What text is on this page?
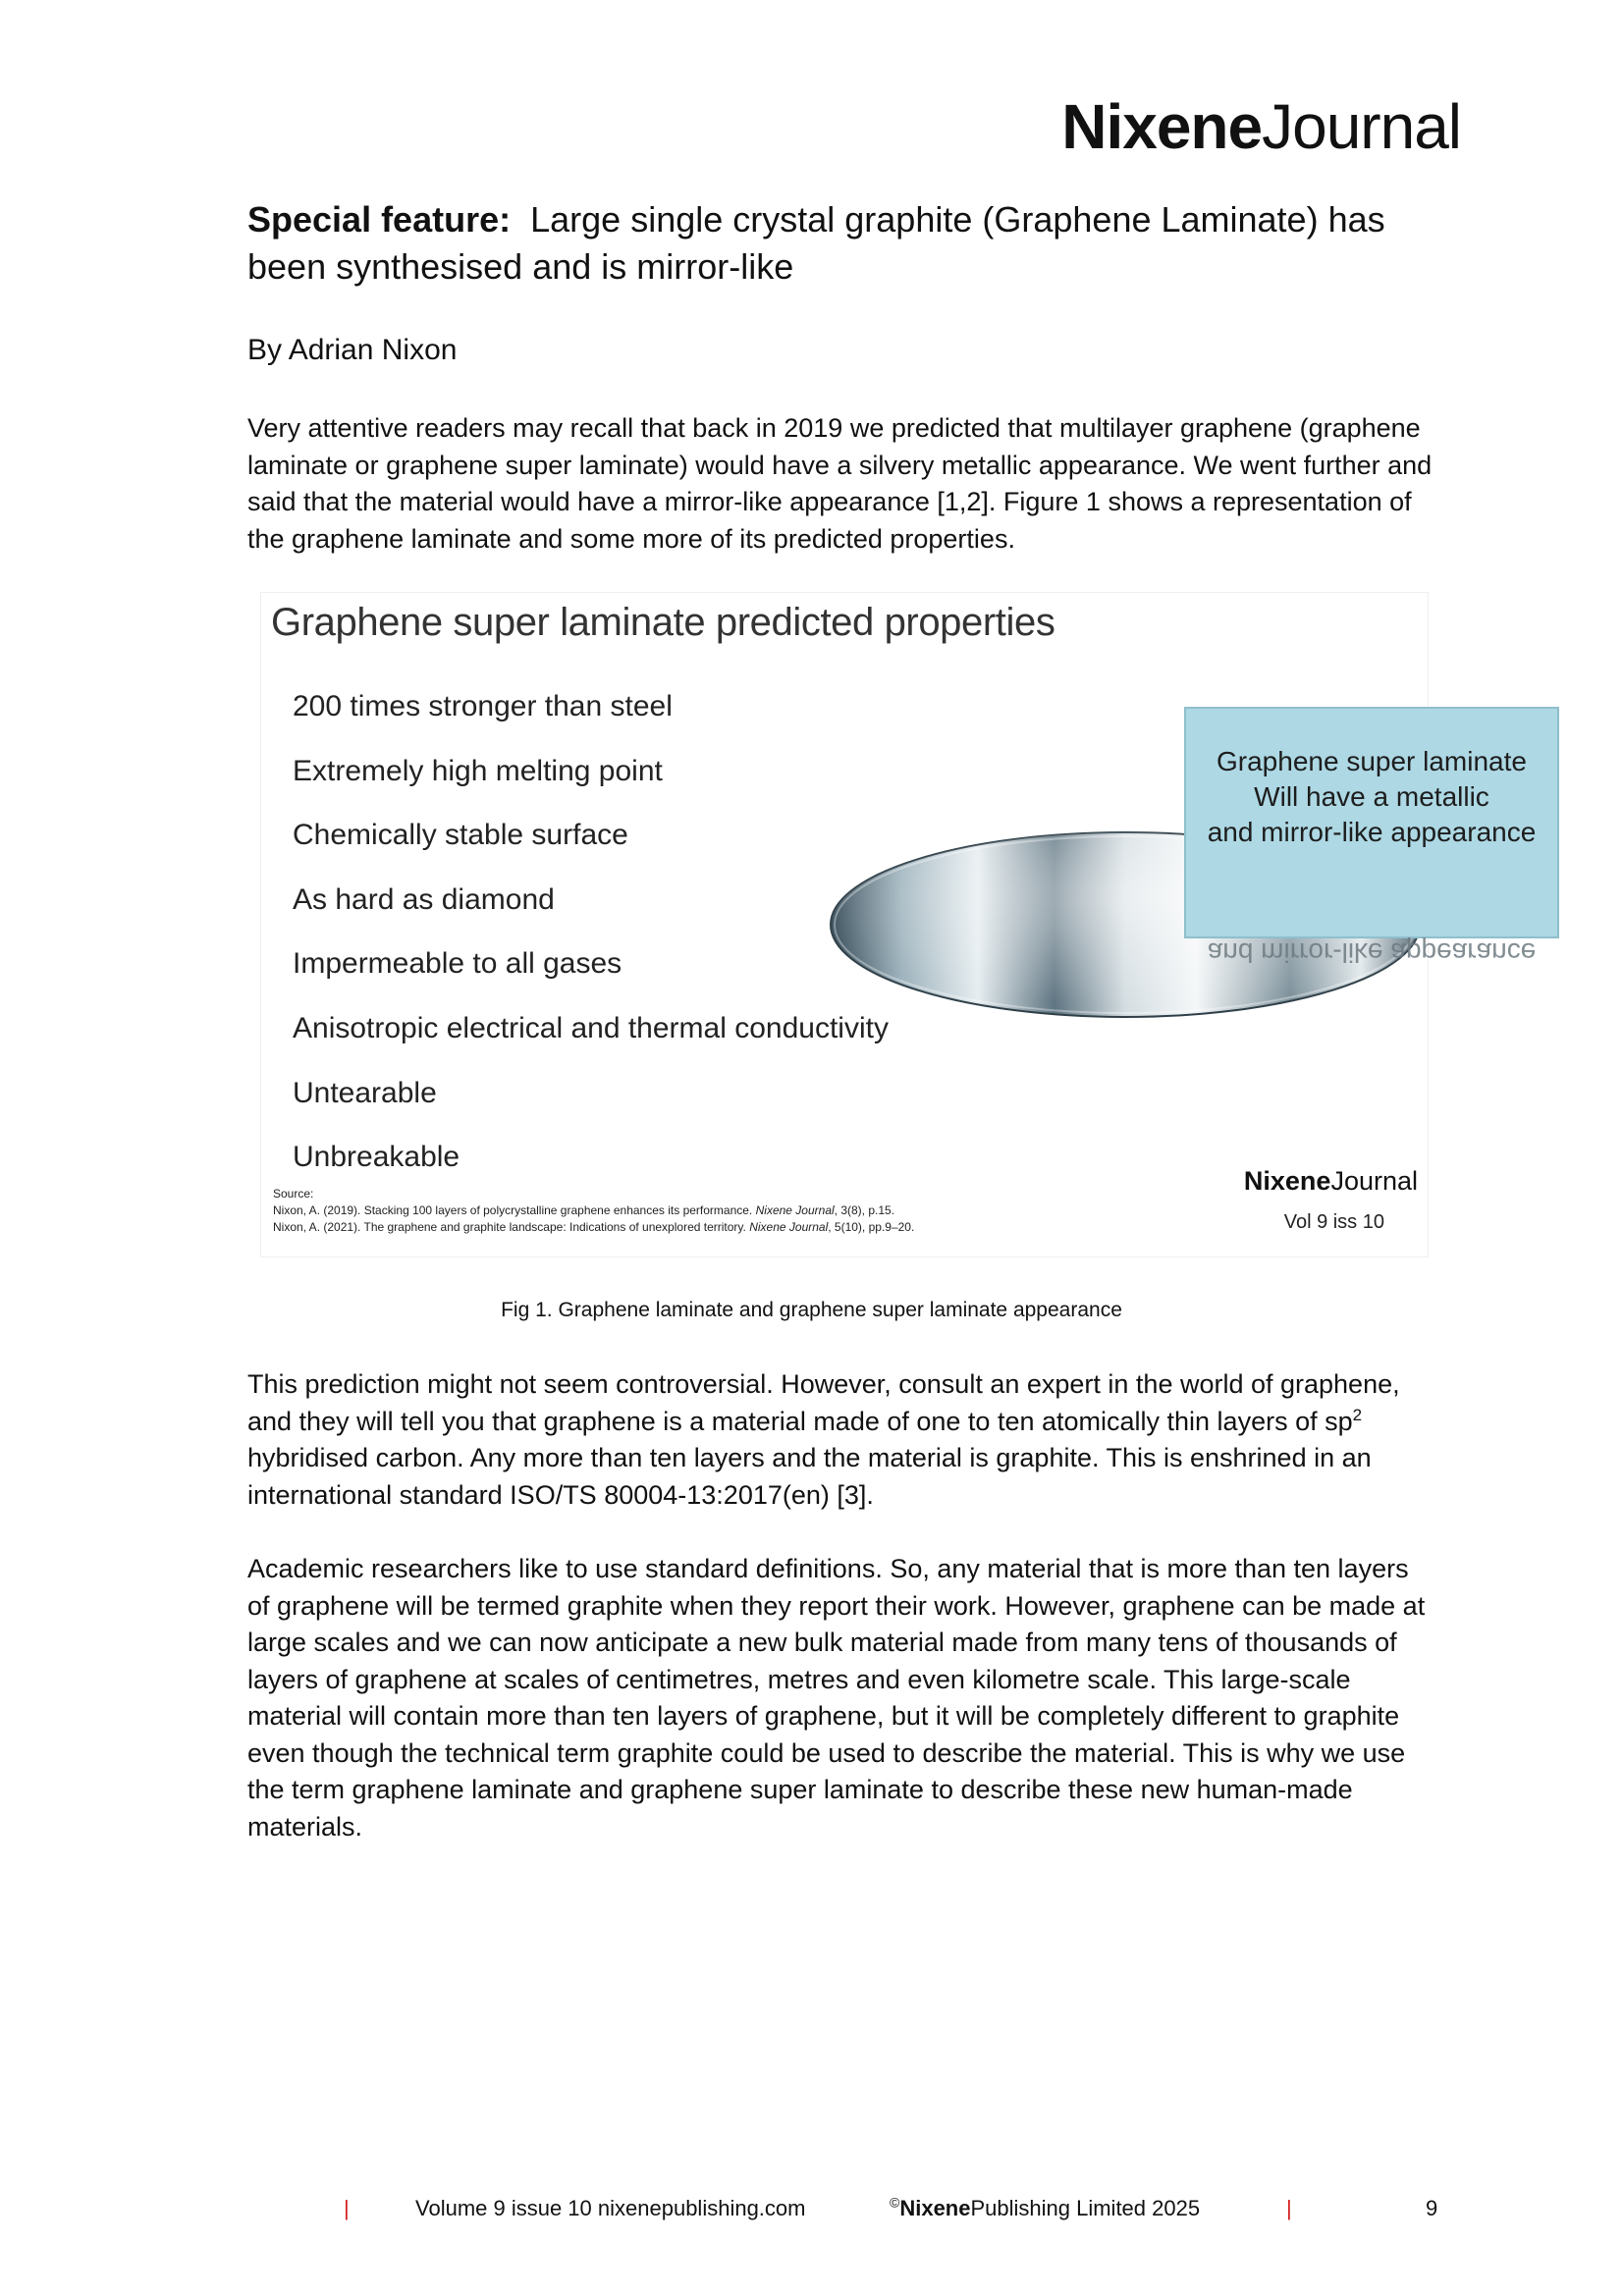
NixeneJournal
Special feature: Large single crystal graphite (Graphene Laminate) has been synthesised and is mirror-like
By Adrian Nixon
Very attentive readers may recall that back in 2019 we predicted that multilayer graphene (graphene laminate or graphene super laminate) would have a silvery metallic appearance. We went further and said that the material would have a mirror-like appearance [1,2]. Figure 1 shows a representation of the graphene laminate and some more of its predicted properties.
Graphene super laminate predicted properties
200 times stronger than steel
Extremely high melting point
Chemically stable surface
As hard as diamond
Impermeable to all gases
Anisotropic electrical and thermal conductivity
Untearable
Unbreakable
Graphene super laminate
Will have a metallic
and mirror-like appearance
and mirror-like appearance
Source:
Nixon, A. (2019). Stacking 100 layers of polycrystalline graphene enhances its performance. Nixene Journal, 3(8), p.15.
Nixon, A. (2021). The graphene and graphite landscape: Indications of unexplored territory. Nixene Journal, 5(10), pp.9–20.
NixeneJournal
Vol 9 iss 10
Fig 1. Graphene laminate and graphene super laminate appearance
This prediction might not seem controversial. However, consult an expert in the world of graphene, and they will tell you that graphene is a material made of one to ten atomically thin layers of $sp^2$ hybridised carbon. Any more than ten layers and the material is graphite. This is enshrined in an international standard ISO/TS 80004-13:2017(en) [3].
Academic researchers like to use standard definitions. So, any material that is more than ten layers of graphene will be termed graphite when they report their work. However, graphene can be made at large scales and we can now anticipate a new bulk material made from many tens of thousands of layers of graphene at scales of centimetres, metres and even kilometre scale. This large-scale material will contain more than ten layers of graphene, but it will be completely different to graphite even though the technical term graphite could be used to describe the material. This is why we use the term graphene laminate and graphene super laminate to describe these new human-made materials.
|	Volume 9 issue 10 nixenepublishing.com	©NixenePublishing Limited 2025	|	9
